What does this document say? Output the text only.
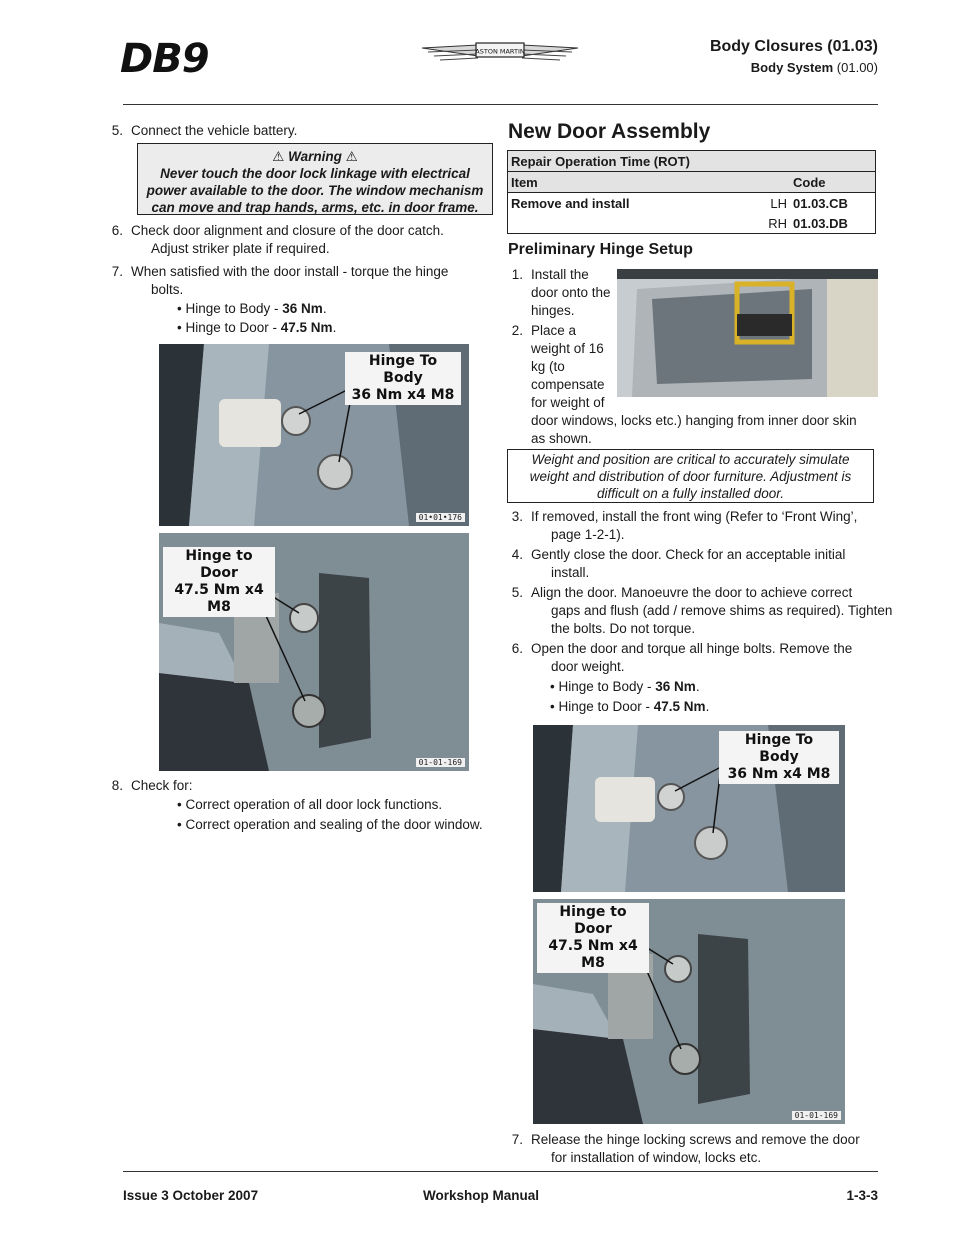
DB9	ASTON MARTIN	Body Closures (01.03)
Body System (01.00)
5. Connect the vehicle battery.
⚠ Warning ⚠
Never touch the door lock linkage with electrical
power available to the door. The window mechanism
can move and trap hands, arms, etc. in door frame.
6. Check door alignment and closure of the door catch.
Adjust striker plate if required.
7. When satisfied with the door install - torque the hinge
bolts.
• Hinge to Body - 36 Nm.
• Hinge to Door - 47.5 Nm.
Hinge To Body
36 Nm x4 M8
01•01•176
Hinge to Door
47.5 Nm x4 M8
01-01-169
8. Check for:
• Correct operation of all door lock functions.
• Correct operation and sealing of the door window.
New Door Assembly
Repair Operation Time (ROT)		
Item		Code
Remove and install	LH	01.03.CB
	RH	01.03.DB
Preliminary Hinge Setup
1. Install the
door onto the
hinges.
2. Place a
weight of 16
kg (to
compensate
for weight of
door windows, locks etc.) hanging from inner door skin
as shown.
Weight and position are critical to accurately simulate
weight and distribution of door furniture. Adjustment is
difficult on a fully installed door.
3. If removed, install the front wing (Refer to ‘Front Wing’,
page 1-2-1).
4. Gently close the door. Check for an acceptable initial
install.
5. Align the door. Manoeuvre the door to achieve correct
gaps and flush (add / remove shims as required). Tighten
the bolts. Do not torque.
6. Open the door and torque all hinge bolts. Remove the
door weight.
• Hinge to Body - 36 Nm.
• Hinge to Door - 47.5 Nm.
Hinge To Body
36 Nm x4 M8
Hinge to Door
47.5 Nm x4 M8
01-01-169
7. Release the hinge locking screws and remove the door
for installation of window, locks etc.
Issue 3 October 2007	Workshop Manual	1-3-3
